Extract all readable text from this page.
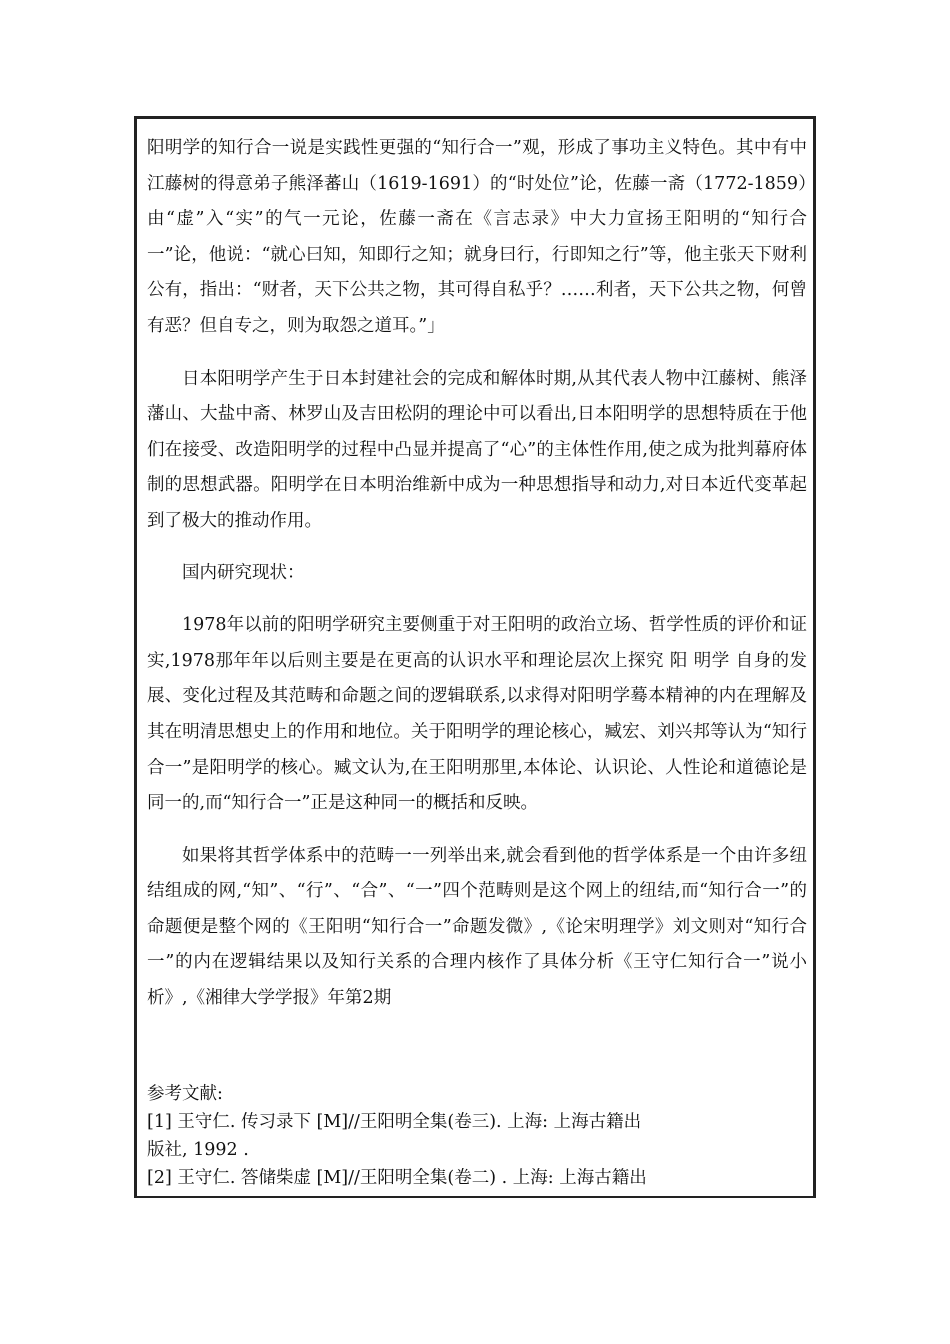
阳明学的知行合一说是实践性更强的“知行合一”观，形成了事功主义特色。其中有中江藤树的得意弟子熊泽蕃山（1619-1691）的“时处位”论，佐藤一斋（1772-1859）由“虚”入“实”的气一元论，佐藤一斋在《言志录》中大力宣扬王阳明的“知行合一”论，他说：“就心曰知，知即行之知；就身曰行，行即知之行”等，他主张天下财利公有，指出：“财者，天下公共之物，其可得自私乎？……利者，天下公共之物，何曾有恶？但自专之，则为取怨之道耳。”」

日本阳明学产生于日本封建社会的完成和解体时期,从其代表人物中江藤树、熊泽藩山、大盐中斋、林罗山及吉田松阴的理论中可以看出,日本阳明学的思想特质在于他们在接受、改造阳明学的过程中凸显并提高了“心”的主体性作用,使之成为批判幕府体制的思想武器。阳明学在日本明治维新中成为一种思想指导和动力,对日本近代变革起到了极大的推动作用。

国内研究现状：

1978年以前的阳明学研究主要侧重于对王阳明的政治立场、哲学性质的评价和证实,1978那年年以后则主要是在更高的认识水平和理论层次上探究 阳 明学 自身的发展、变化过程及其范畴和命题之间的逻辑联系,以求得对阳明学蓦本精神的内在理解及其在明清思想史上的作用和地位。关于阳明学的理论核心，臧宏、刘兴邦等认为“知行合一”是阳明学的核心。臧文认为,在王阳明那里,本体论、认识论、人性论和道德论是同一的,而“知行合一”正是这种同一的概括和反映。

如果将其哲学体系中的范畴一一列举出来,就会看到他的哲学体系是一个由许多纽结组成的网,“知”、“行”、“合”、“一”四个范畴则是这个网上的纽结,而“知行合一”的命题便是整个网的《王阳明“知行合一”命题发微》,《论宋明理学》刘文则对“知行合一”的内在逻辑结果以及知行关系的合理内核作了具体分析《王守仁知行合一”说小析》,《湘律大学学报》年第2期

参考文献:
[1] 王守仁. 传习录下 [M]//王阳明全集(卷三). 上海: 上海古籍出
版社, 1992 .
[2] 王守仁. 答储柴虚 [M]//王阳明全集(卷二) . 上海: 上海古籍出
